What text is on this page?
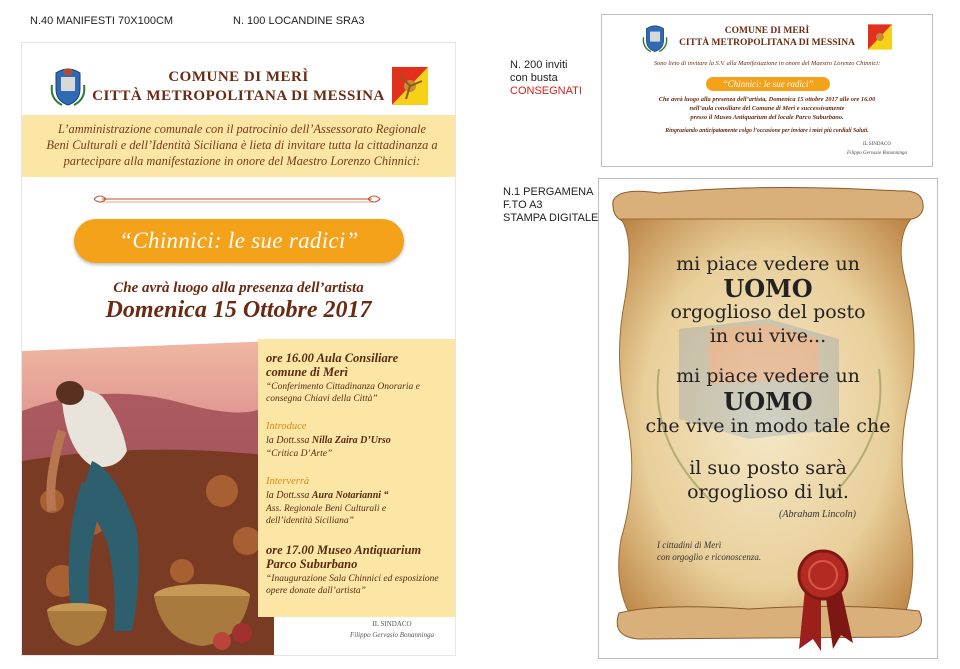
N.40 MANIFESTI 70X100CM	N. 100 LOCANDINE SRA3
N. 200 inviti
con busta
CONSEGNATI
N.1 PERGAMENA
F.TO A3
STAMPA DIGITALE
COMUNE DI MERÌ
CITTÀ METROPOLITANA DI MESSINA
L’amministrazione comunale con il patrocinio dell’Assessorato Regionale Beni Culturali e dell’Identità Siciliana è lieta di invitare tutta la cittadinanza a partecipare alla manifestazione in onore del Maestro Lorenzo Chinnici:
“Chinnici: le sue radici”
Che avrà luogo alla presenza dell’artista
Domenica 15 Ottobre 2017
ore 16.00 Aula Consiliare
comune di Merì
“Conferimento Cittadinanza Onoraria e consegna Chiavi della Città”
Introduce
la Dott.ssa Nilla Zaira D’Urso
“Critica D’Arte”
Interverrà
la Dott.ssa Aura Notarianni “
Ass. Regionale Beni Culturali e dell’identità Siciliana”
ore 17.00 Museo Antiquarium
Parco Suburbano
“Inaugurazione Sala Chinnici ed esposizione opere donate dall’artista”
IL SINDACO
Filippo Gervasio Bonanninga
COMUNE DI MERÌ
CITTÀ METROPOLITANA DI MESSINA
Sono lieto di invitare la S.V. alla Manifestazione in onore del Maestro Lorenzo Chinnici:
“Chinnici: le sue radici”
Che avrà luogo alla presenza dell’artista, Domenica 15 ottobre 2017 alle ore 16.00
nell’aula consiliare del Comune di Merì e successivamente
presso il Museo Antiquarium del locale Parco Suburbano.
Ringraziando anticipatamente colgo l’occasione per inviare i miei più cordiali Saluti.
IL SINDACO
Filippo Gervasio Bonanninga
mi piace vedere un
UOMO
orgoglioso del posto
in cui vive...
mi piace vedere un
UOMO
che vive in modo tale che
il suo posto sarà
orgoglioso di lui.
(Abraham Lincoln)
I cittadini di Merì
con orgoglio e riconoscenza.
